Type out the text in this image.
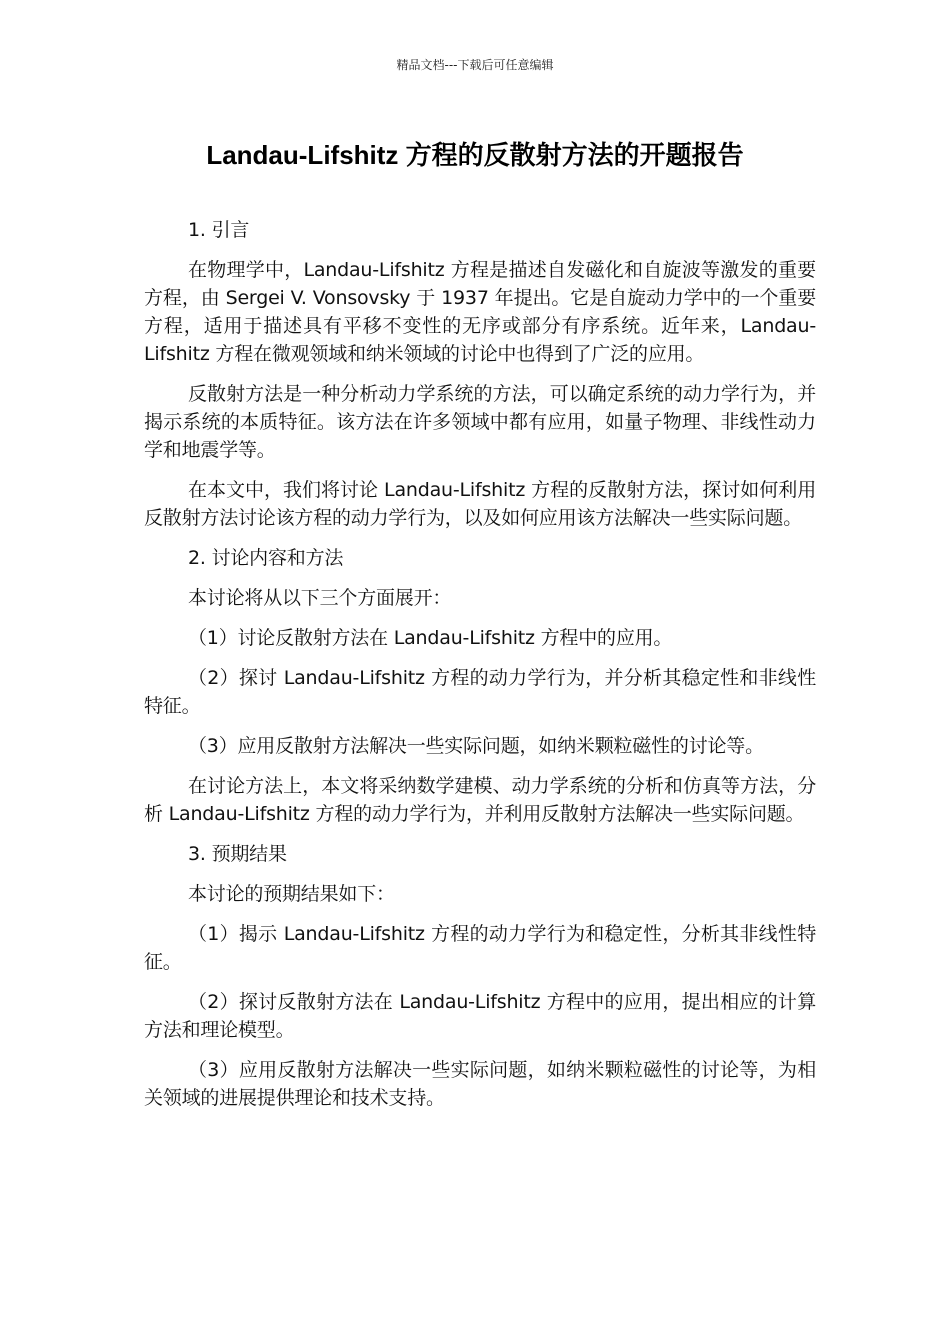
精品文档---下载后可任意编辑
Landau-Lifshitz 方程的反散射方法的开题报告

1. 引言

在物理学中，Landau-Lifshitz 方程是描述自发磁化和自旋波等激发的重要方程，由 Sergei V. Vonsovsky 于 1937 年提出。它是自旋动力学中的一个重要方程，适用于描述具有平移不变性的无序或部分有序系统。近年来，Landau-Lifshitz 方程在微观领域和纳米领域的讨论中也得到了广泛的应用。

反散射方法是一种分析动力学系统的方法，可以确定系统的动力学行为，并揭示系统的本质特征。该方法在许多领域中都有应用，如量子物理、非线性动力学和地震学等。

在本文中，我们将讨论 Landau-Lifshitz 方程的反散射方法，探讨如何利用反散射方法讨论该方程的动力学行为，以及如何应用该方法解决一些实际问题。

2. 讨论内容和方法

本讨论将从以下三个方面展开：

（1）讨论反散射方法在 Landau-Lifshitz 方程中的应用。

（2）探讨 Landau-Lifshitz 方程的动力学行为，并分析其稳定性和非线性特征。

（3）应用反散射方法解决一些实际问题，如纳米颗粒磁性的讨论等。

在讨论方法上，本文将采纳数学建模、动力学系统的分析和仿真等方法，分析 Landau-Lifshitz 方程的动力学行为，并利用反散射方法解决一些实际问题。

3. 预期结果

本讨论的预期结果如下：

（1）揭示 Landau-Lifshitz 方程的动力学行为和稳定性，分析其非线性特征。

（2）探讨反散射方法在 Landau-Lifshitz 方程中的应用，提出相应的计算方法和理论模型。

（3）应用反散射方法解决一些实际问题，如纳米颗粒磁性的讨论等，为相关领域的进展提供理论和技术支持。
